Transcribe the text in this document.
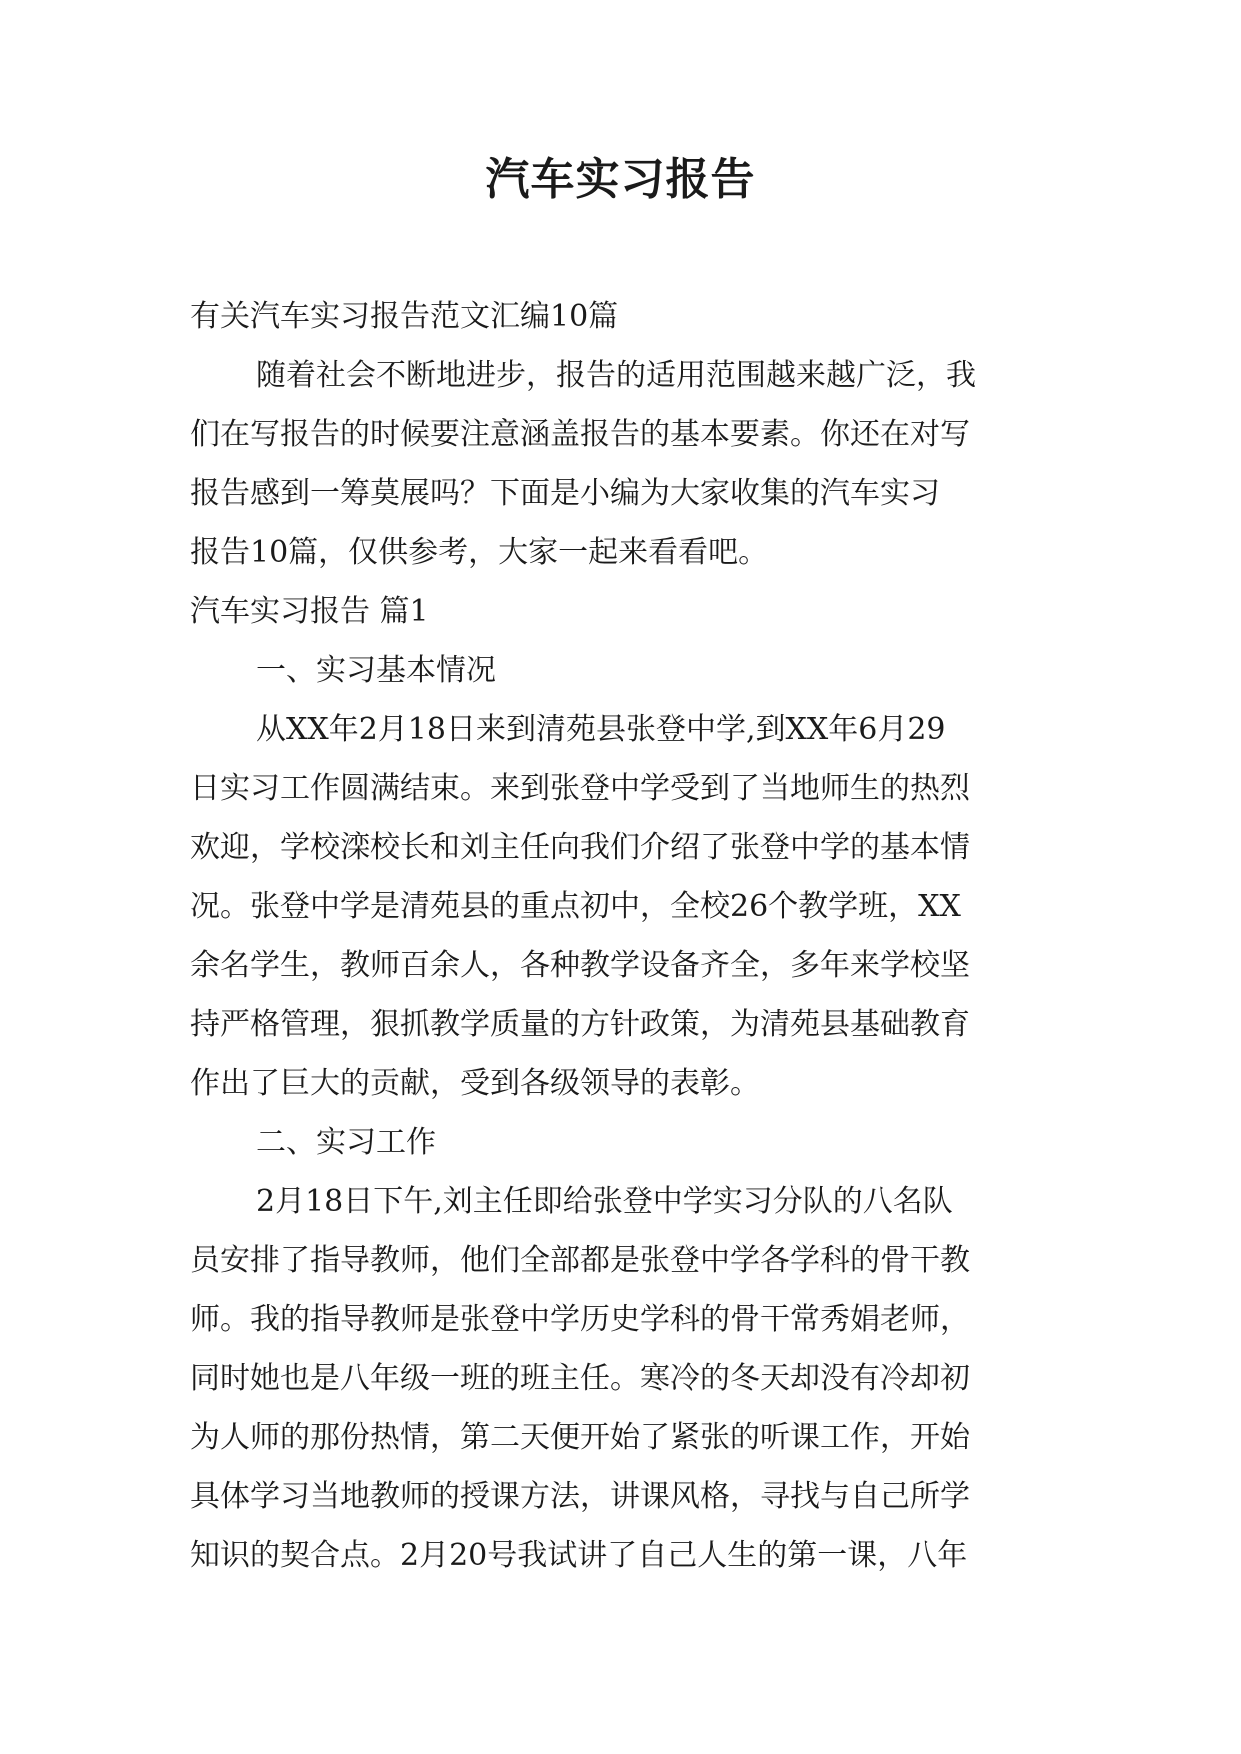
汽车实习报告

有关汽车实习报告范文汇编10篇

随着社会不断地进步，报告的适用范围越来越广泛，我

们在写报告的时候要注意涵盖报告的基本要素。你还在对写

报告感到一筹莫展吗？下面是小编为大家收集的汽车实习

报告10篇，仅供参考，大家一起来看看吧。

汽车实习报告 篇1

一、实习基本情况

从XX年2月18日来到清苑县张登中学,到XX年6月29

日实习工作圆满结束。来到张登中学受到了当地师生的热烈

欢迎，学校滦校长和刘主任向我们介绍了张登中学的基本情

况。张登中学是清苑县的重点初中，全校26个教学班，XX

余名学生，教师百余人，各种教学设备齐全，多年来学校坚

持严格管理，狠抓教学质量的方针政策，为清苑县基础教育

作出了巨大的贡献，受到各级领导的表彰。

二、实习工作

2月18日下午,刘主任即给张登中学实习分队的八名队

员安排了指导教师，他们全部都是张登中学各学科的骨干教

师。我的指导教师是张登中学历史学科的骨干常秀娟老师，

同时她也是八年级一班的班主任。寒冷的冬天却没有冷却初

为人师的那份热情，第二天便开始了紧张的听课工作，开始

具体学习当地教师的授课方法，讲课风格，寻找与自己所学

知识的契合点。2月20号我试讲了自己人生的第一课，八年
